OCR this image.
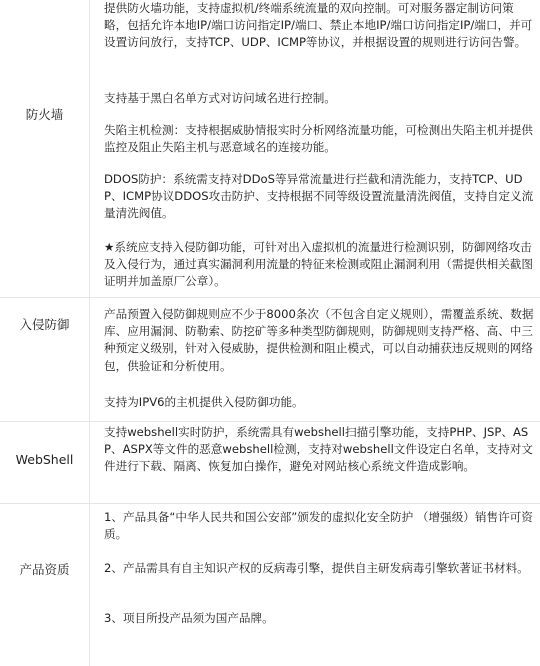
防火墙
提供防火墙功能，支持虚拟机/终端系统流量的双向控制。可对服务器定制访问策略，包括允许本地IP/端口访问指定IP/端口、禁止本地IP/端口访问指定IP/端口，并可设置访问放行，支持TCP、UDP、ICMP等协议，并根据设置的规则进行访问告警。
支持基于黑白名单方式对访问域名进行控制。
失陷主机检测：支持根据威胁情报实时分析网络流量功能，可检测出失陷主机并提供监控及阻止失陷主机与恶意域名的连接功能。
DDOS防护：系统需支持对DDoS等异常流量进行拦截和清洗能力，支持TCP、UDP、ICMP协议DDOS攻击防护、支持根据不同等级设置流量清洗阀值，支持自定义流量清洗阀值。
入侵防御
★系统应支持入侵防御功能，可针对出入虚拟机的流量进行检测识别，防御网络攻击及入侵行为，通过真实漏洞利用流量的特征来检测或阻止漏洞利用（需提供相关截图证明并加盖原厂公章）。
产品预置入侵防御规则应不少于8000条次（不包含自定义规则），需覆盖系统、数据库、应用漏洞、防勒索、防挖矿等多种类型防御规则，防御规则支持严格、高、中三种预定义级别，针对入侵威胁，提供检测和阻止模式，可以自动捕获违反规则的网络包，供验证和分析使用。
支持为IPV6的主机提供入侵防御功能。
WebShell
支持webshell实时防护，系统需具有webshell扫描引擎功能，支持PHP、JSP、ASP、ASPX等文件的恶意webshell检测，支持对webshell文件设定白名单，支持对文件进行下载、隔离、恢复加白操作，避免对网站核心系统文件造成影响。
产品资质
1、产品具备“中华人民共和国公安部”颁发的虚拟化安全防护 （增强级）销售许可资质。
2、产品需具有自主知识产权的反病毒引擎，提供自主研发病毒引擎软著证书材料。
3、项目所投产品须为国产品牌。
